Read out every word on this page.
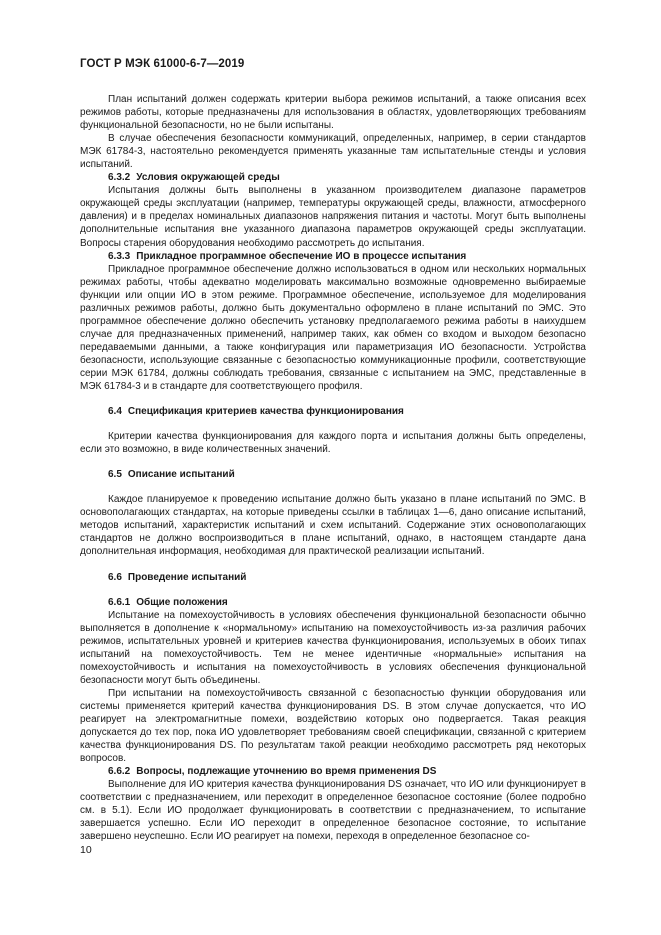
ГОСТ Р МЭК 61000-6-7—2019

План испытаний должен содержать критерии выбора режимов испытаний, а также описания всех режимов работы, которые предназначены для использования в областях, удовлетворяющих требованиям функциональной безопасности, но не были испытаны.

В случае обеспечения безопасности коммуникаций, определенных, например, в серии стандартов МЭК 61784-3, настоятельно рекомендуется применять указанные там испытательные стенды и условия испытаний.

6.3.2 Условия окружающей среды

Испытания должны быть выполнены в указанном производителем диапазоне параметров окружающей среды эксплуатации (например, температуры окружающей среды, влажности, атмосферного давления) и в пределах номинальных диапазонов напряжения питания и частоты. Могут быть выполнены дополнительные испытания вне указанного диапазона параметров окружающей среды эксплуатации. Вопросы старения оборудования необходимо рассмотреть до испытания.

6.3.3 Прикладное программное обеспечение ИО в процессе испытания

Прикладное программное обеспечение должно использоваться в одном или нескольких нормальных режимах работы, чтобы адекватно моделировать максимально возможные одновременно выбираемые функции или опции ИО в этом режиме. Программное обеспечение, используемое для моделирования различных режимов работы, должно быть документально оформлено в плане испытаний по ЭМС. Это программное обеспечение должно обеспечить установку предполагаемого режима работы в наихудшем случае для предназначенных применений, например таких, как обмен со входом и выходом безопасно передаваемыми данными, а также конфигурация или параметризация ИО безопасности. Устройства безопасности, использующие связанные с безопасностью коммуникационные профили, соответствующие серии МЭК 61784, должны соблюдать требования, связанные с испытанием на ЭМС, представленные в МЭК 61784-3 и в стандарте для соответствующего профиля.

6.4 Спецификация критериев качества функционирования

Критерии качества функционирования для каждого порта и испытания должны быть определены, если это возможно, в виде количественных значений.

6.5 Описание испытаний

Каждое планируемое к проведению испытание должно быть указано в плане испытаний по ЭМС. В основополагающих стандартах, на которые приведены ссылки в таблицах 1—6, дано описание испытаний, методов испытаний, характеристик испытаний и схем испытаний. Содержание этих основополагающих стандартов не должно воспроизводиться в плане испытаний, однако, в настоящем стандарте дана дополнительная информация, необходимая для практической реализации испытаний.

6.6 Проведение испытаний
6.6.1 Общие положения

Испытание на помехоустойчивость в условиях обеспечения функциональной безопасности обычно выполняется в дополнение к «нормальному» испытанию на помехоустойчивость из-за различия рабочих режимов, испытательных уровней и критериев качества функционирования, используемых в обоих типах испытаний на помехоустойчивость. Тем не менее идентичные «нормальные» испытания на помехоустойчивость и испытания на помехоустойчивость в условиях обеспечения функциональной безопасности могут быть объединены.

При испытании на помехоустойчивость связанной с безопасностью функции оборудования или системы применяется критерий качества функционирования DS. В этом случае допускается, что ИО реагирует на электромагнитные помехи, воздействию которых оно подвергается. Такая реакция допускается до тех пор, пока ИО удовлетворяет требованиям своей спецификации, связанной с критерием качества функционирования DS. По результатам такой реакции необходимо рассмотреть ряд некоторых вопросов.

6.6.2 Вопросы, подлежащие уточнению во время применения DS

Выполнение для ИО критерия качества функционирования DS означает, что ИО или функционирует в соответствии с предназначением, или переходит в определенное безопасное состояние (более подробно см. в 5.1). Если ИО продолжает функционировать в соответствии с предназначением, то испытание завершается успешно. Если ИО переходит в определенное безопасное состояние, то испытание завершено неуспешно. Если ИО реагирует на помехи, переходя в определенное безопасное со-

10
